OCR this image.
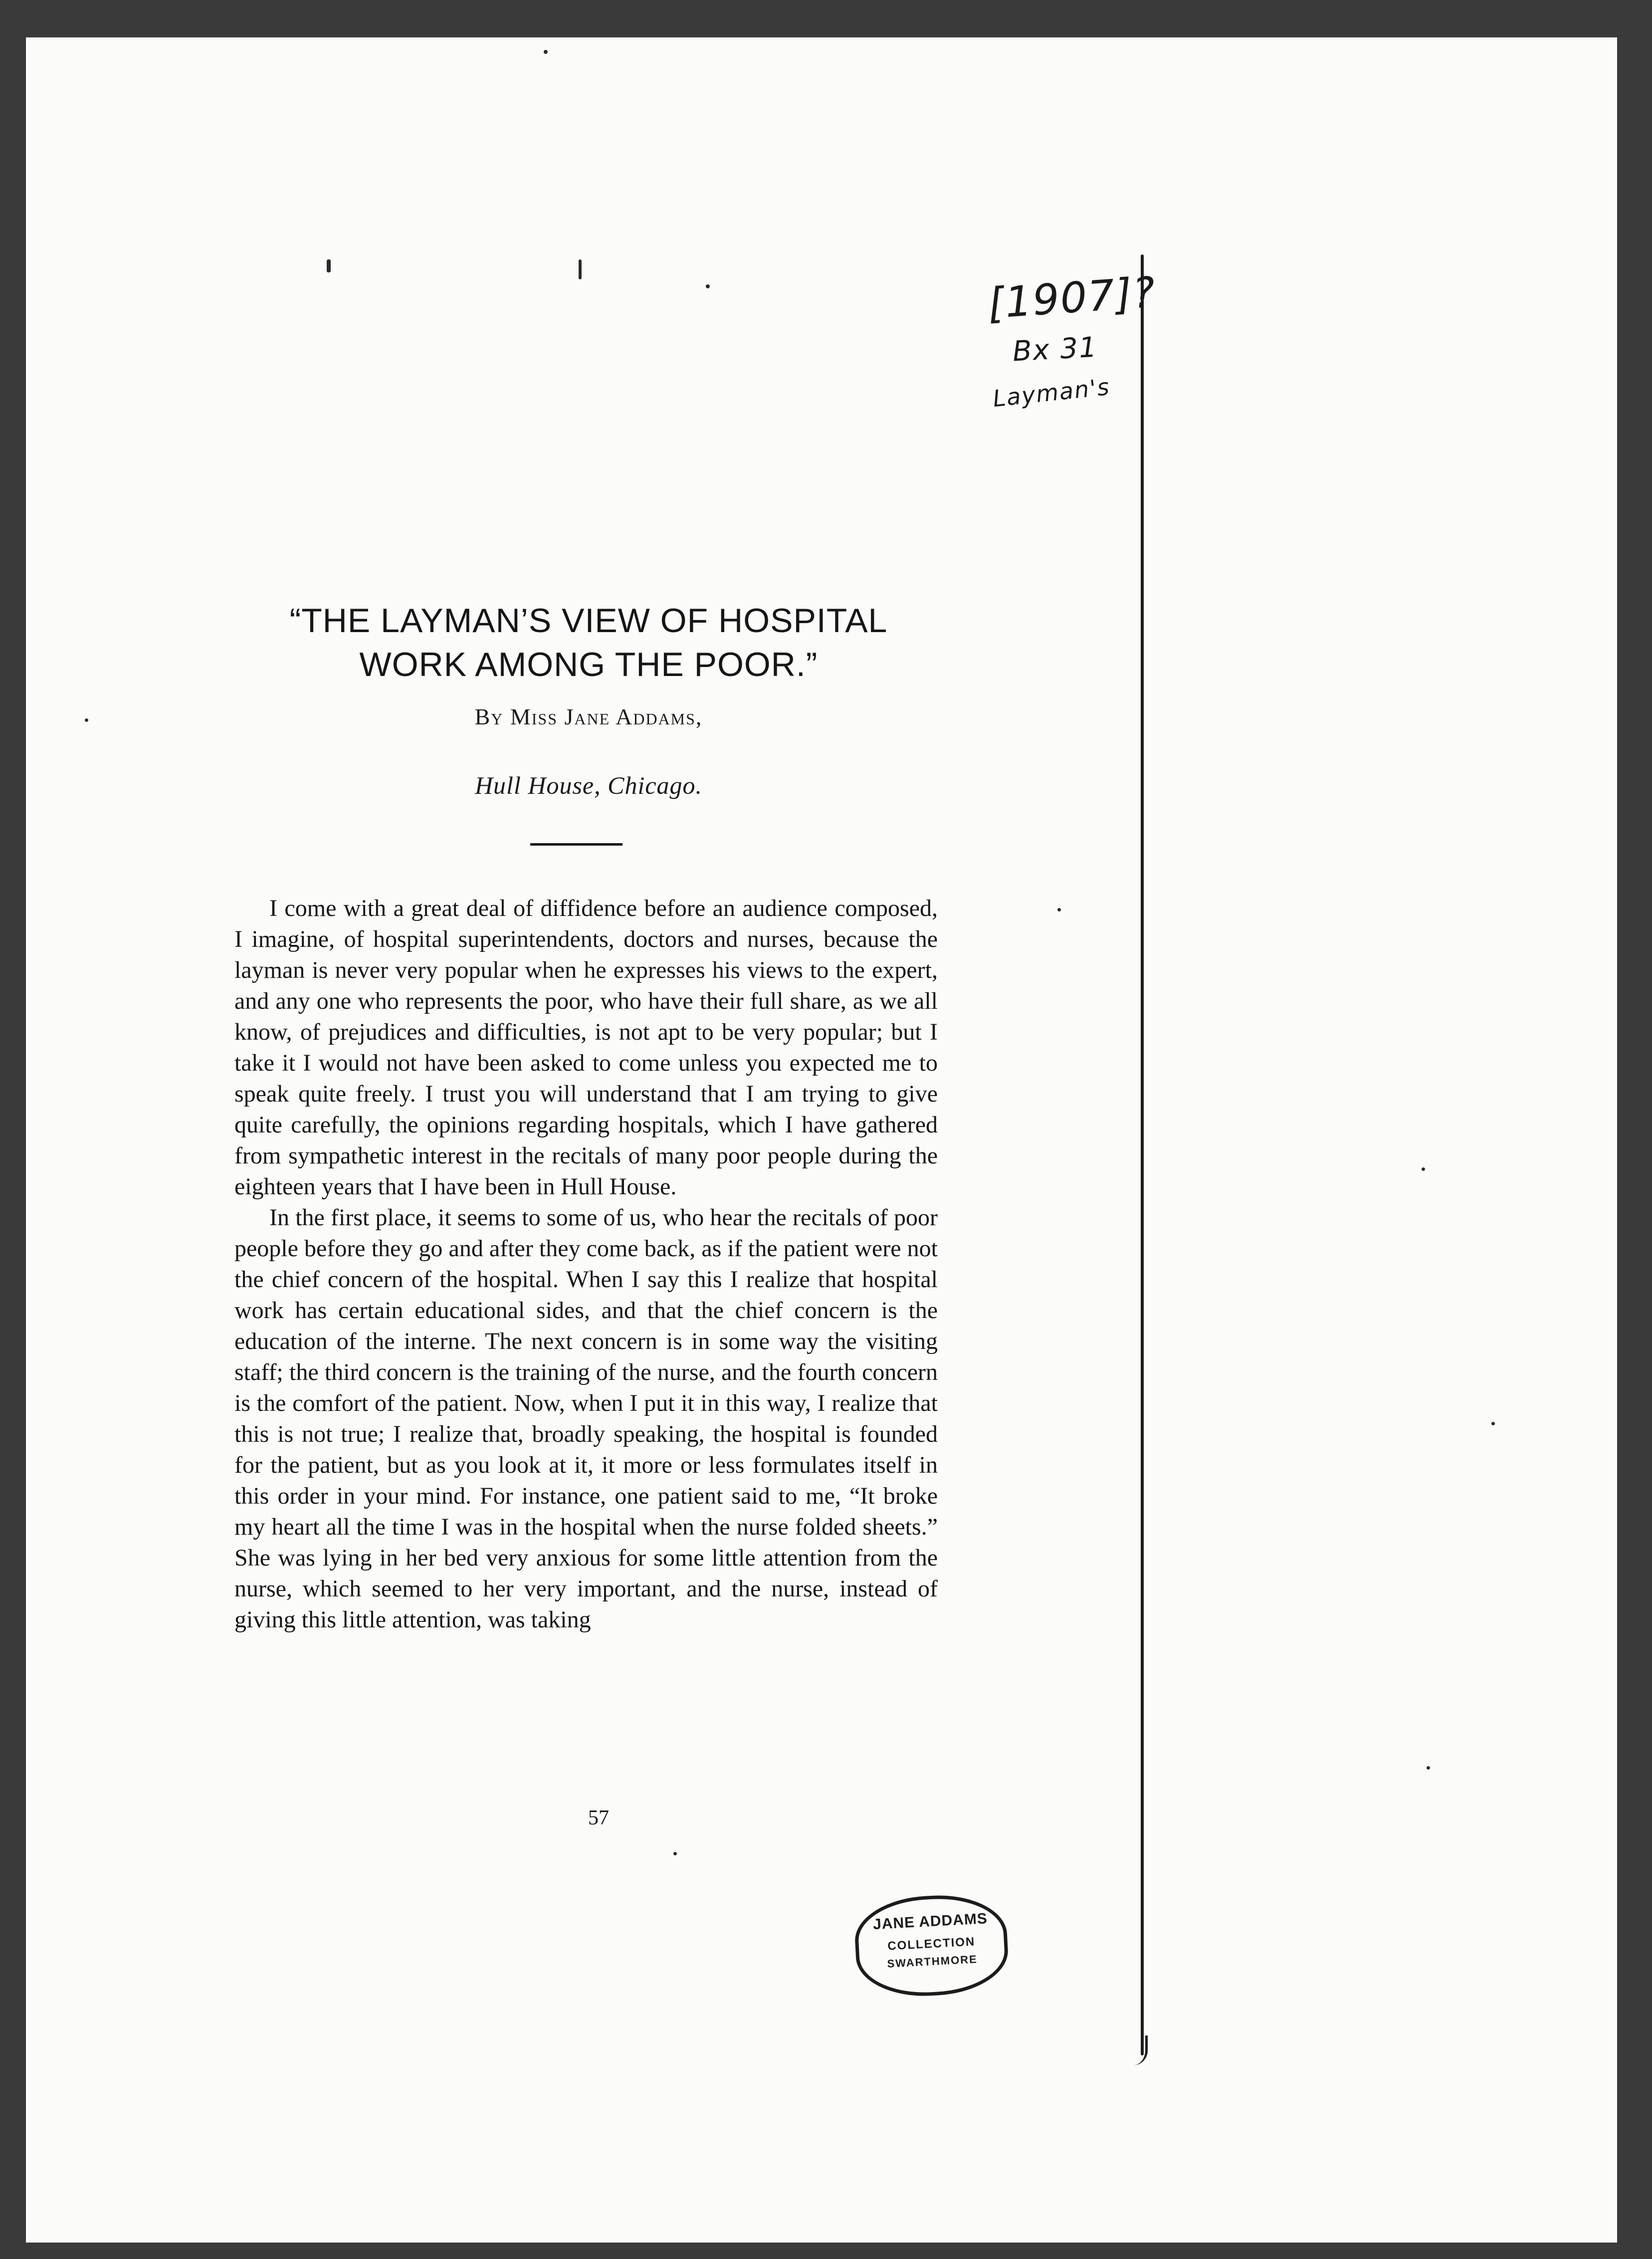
[1907]?
Bx 31
Layman's
“THE LAYMAN’S VIEW OF HOSPITAL
WORK AMONG THE POOR.”
By Miss Jane Addams,
Hull House, Chicago.

I come with a great deal of diffidence before an audience composed, I imagine, of hospital superintendents, doctors and nurses, because the layman is never very popular when he expresses his views to the expert, and any one who represents the poor, who have their full share, as we all know, of prejudices and difficulties, is not apt to be very popular; but I take it I would not have been asked to come unless you expected me to speak quite freely. I trust you will understand that I am trying to give quite carefully, the opinions regarding hospitals, which I have gathered from sympathetic interest in the recitals of many poor people during the eighteen years that I have been in Hull House.

In the first place, it seems to some of us, who hear the recitals of poor people before they go and after they come back, as if the patient were not the chief concern of the hospital. When I say this I realize that hospital work has certain educational sides, and that the chief concern is the education of the interne. The next concern is in some way the visiting staff; the third concern is the training of the nurse, and the fourth concern is the comfort of the patient. Now, when I put it in this way, I realize that this is not true; I realize that, broadly speaking, the hospital is founded for the patient, but as you look at it, it more or less formulates itself in this order in your mind. For instance, one patient said to me, “It broke my heart all the time I was in the hospital when the nurse folded sheets.” She was lying in her bed very anxious for some little attention from the nurse, which seemed to her very important, and the nurse, instead of giving this little attention, was taking

57
JANE ADDAMS
COLLECTION
SWARTHMORE
